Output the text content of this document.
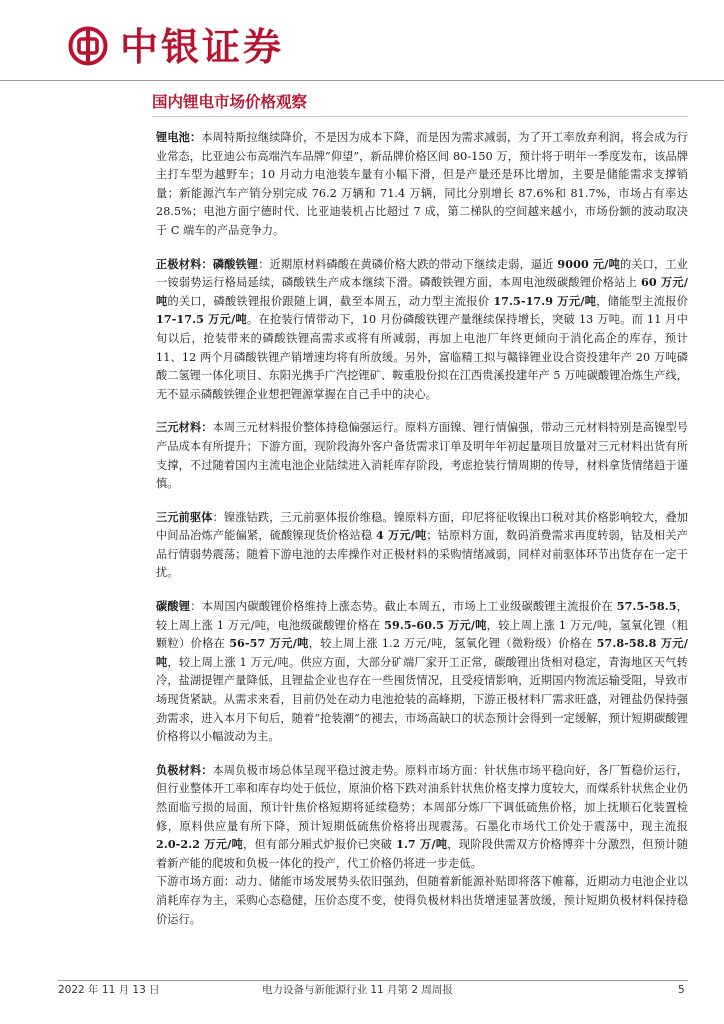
中银证券
国内锂电市场价格观察

锂电池：本周特斯拉继续降价，不是因为成本下降，而是因为需求减弱，为了开工率放弃利润，将会成为行业常态，比亚迪公布高端汽车品牌“仰望”，新品牌价格区间 80-150 万，预计将于明年一季度发布，该品牌主打车型为越野车；10 月动力电池装车量有小幅下滑，但是产量还是环比增加，主要是储能需求支撑销量；新能源汽车产销分别完成 76.2 万辆和 71.4 万辆，同比分别增长 87.6%和 81.7%，市场占有率达 28.5%；电池方面宁德时代、比亚迪装机占比超过 7 成，第二梯队的空间越来越小，市场份额的波动取决于 C 端车的产品竞争力。

正极材料：磷酸铁锂：近期原材料磷酸在黄磷价格大跌的带动下继续走弱，逼近 9000 元/吨的关口，工业一铵弱势运行格局延续，磷酸铁生产成本继续下滑。磷酸铁锂方面，本周电池级碳酸锂价格站上 60 万元/吨的关口，磷酸铁锂报价跟随上调，截至本周五，动力型主流报价 17.5-17.9 万元/吨，储能型主流报价 17-17.5 万元/吨。在抢装行情带动下，10 月份磷酸铁锂产量继续保持增长，突破 13 万吨。而 11 月中旬以后，抢装带来的磷酸铁锂高需求或将有所减弱，再加上电池厂年终更倾向于消化高企的库存，预计 11、12 两个月磷酸铁锂产销增速均将有所放缓。另外，富临精工拟与赣锋锂业设合资投建年产 20 万吨磷酸二氢锂一体化项目、东阳光携手广汽挖锂矿、鞍重股份拟在江西贵溪投建年产 5 万吨碳酸锂冶炼生产线，无不显示磷酸铁锂企业想把锂源掌握在自己手中的决心。

三元材料：本周三元材料报价整体持稳偏强运行。原料方面镍、锂行情偏强，带动三元材料特别是高镍型号产品成本有所提升；下游方面，现阶段海外客户备货需求订单及明年年初起量项目放量对三元材料出货有所支撑，不过随着国内主流电池企业陆续进入消耗库存阶段，考虑抢装行情周期的传导，材料拿货情绪趋于谨慎。

三元前驱体：镍涨钴跌，三元前驱体报价维稳。镍原料方面，印尼将征收镍出口税对其价格影响较大，叠加中间品冶炼产能偏紧，硫酸镍现货价格站稳 4 万元/吨；钴原料方面，数码消费需求再度转弱，钴及相关产品行情弱势震荡；随着下游电池的去库操作对正极材料的采购情绪减弱，同样对前驱体环节出货存在一定干扰。

碳酸锂：本周国内碳酸锂价格维持上涨态势。截止本周五，市场上工业级碳酸锂主流报价在 57.5-58.5，较上周上涨 1 万元/吨，电池级碳酸锂价格在 59.5-60.5 万元/吨，较上周上涨 1 万元/吨，氢氧化锂（粗颗粒）价格在 56-57 万元/吨，较上周上涨 1.2 万元/吨，氢氧化锂（微粉级）价格在 57.8-58.8 万元/吨，较上周上涨 1 万元/吨。供应方面，大部分矿端厂家开工正常，碳酸锂出货相对稳定，青海地区天气转冷，盐湖提锂产量降低，且锂盐企业也存在一些囤货情况，且受疫情影响，近期国内物流运输受阻，导致市场现货紧缺。从需求来看，目前仍处在动力电池抢装的高峰期，下游正极材料厂需求旺盛，对锂盐仍保持强劲需求，进入本月下旬后，随着“抢装潮”的褪去，市场高缺口的状态预计会得到一定缓解，预计短期碳酸锂价格将以小幅波动为主。

负极材料：本周负极市场总体呈现平稳过渡走势。原料市场方面：针状焦市场平稳向好，各厂暂稳价运行，但行业整体开工率和库存均处于低位，原油价格下跌对油系针状焦价格支撑力度较大，而煤系针状焦企业仍然面临亏损的局面，预计针焦价格短期将延续稳势；本周部分炼厂下调低硫焦价格，加上抚顺石化装置检修，原料供应量有所下降，预计短期低硫焦价格将出现震荡。石墨化市场代工价处于震荡中，现主流报 2.0-2.2 万元/吨，但有部分厢式炉报价已突破 1.7 万/吨，现阶段供需双方价格博弈十分激烈，但预计随着新产能的爬坡和负极一体化的投产，代工价格仍将进一步走低。

下游市场方面：动力、储能市场发展势头依旧强劲，但随着新能源补贴即将落下帷幕，近期动力电池企业以消耗库存为主，采购心态稳健，压价态度不变，使得负极材料出货增速显著放缓，预计短期负极材料保持稳价运行。

2022 年 11 月 13 日	电力设备与新能源行业 11 月第 2 周周报	5
